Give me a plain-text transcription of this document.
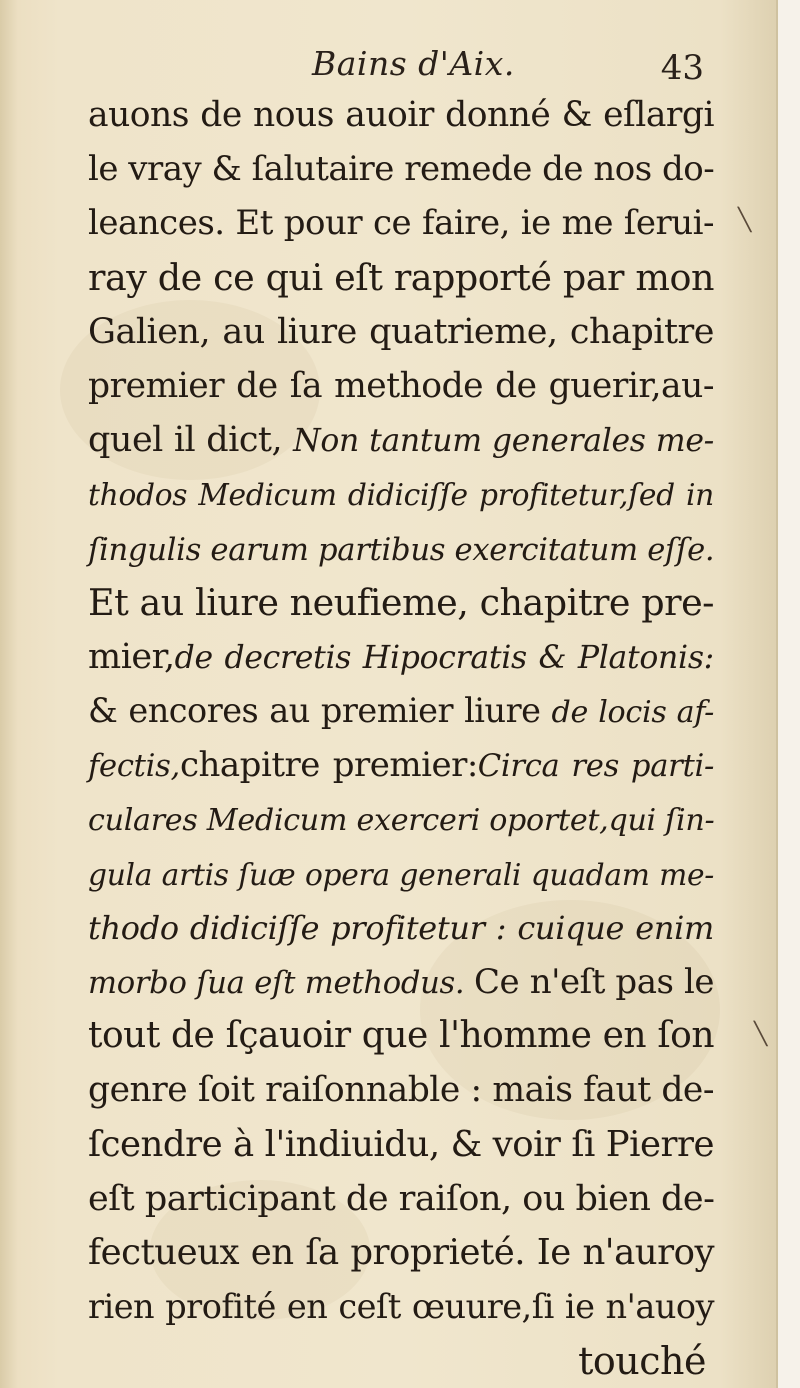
Bains d'Aix.	43
auons de nous auoir donné & eſlargi
le vray & ſalutaire remede de nos do-
leances. Et pour ce faire, ie me ſerui-
ray de ce qui eſt rapporté par mon
Galien, au liure quatrieme, chapitre
premier de ſa methode de guerir,au-
quel il dict, Non tantum generales me-
thodos Medicum didiciſſe profitetur,ſed in
ſingulis earum partibus exercitatum eſſe.
Et au liure neufieme, chapitre pre-
mier,de decretis Hipocratis & Platonis:
& encores au premier liure de locis af-
fectis,chapitre premier:Circa res parti-
culares Medicum exerceri oportet,qui ſin-
gula artis ſuæ opera generali quadam me-
thodo didiciſſe profitetur : cuique enim
morbo ſua eſt methodus. Ce n'eſt pas le
tout de ſçauoir que l'homme en ſon
genre ſoit raiſonnable : mais faut de-
ſcendre à l'indiuidu, & voir ſi Pierre
eſt participant de raiſon, ou bien de-
fectueux en ſa proprieté. Ie n'auroy
rien profité en ceſt œuure,ſi ie n'auoy
touché
╲
╲
